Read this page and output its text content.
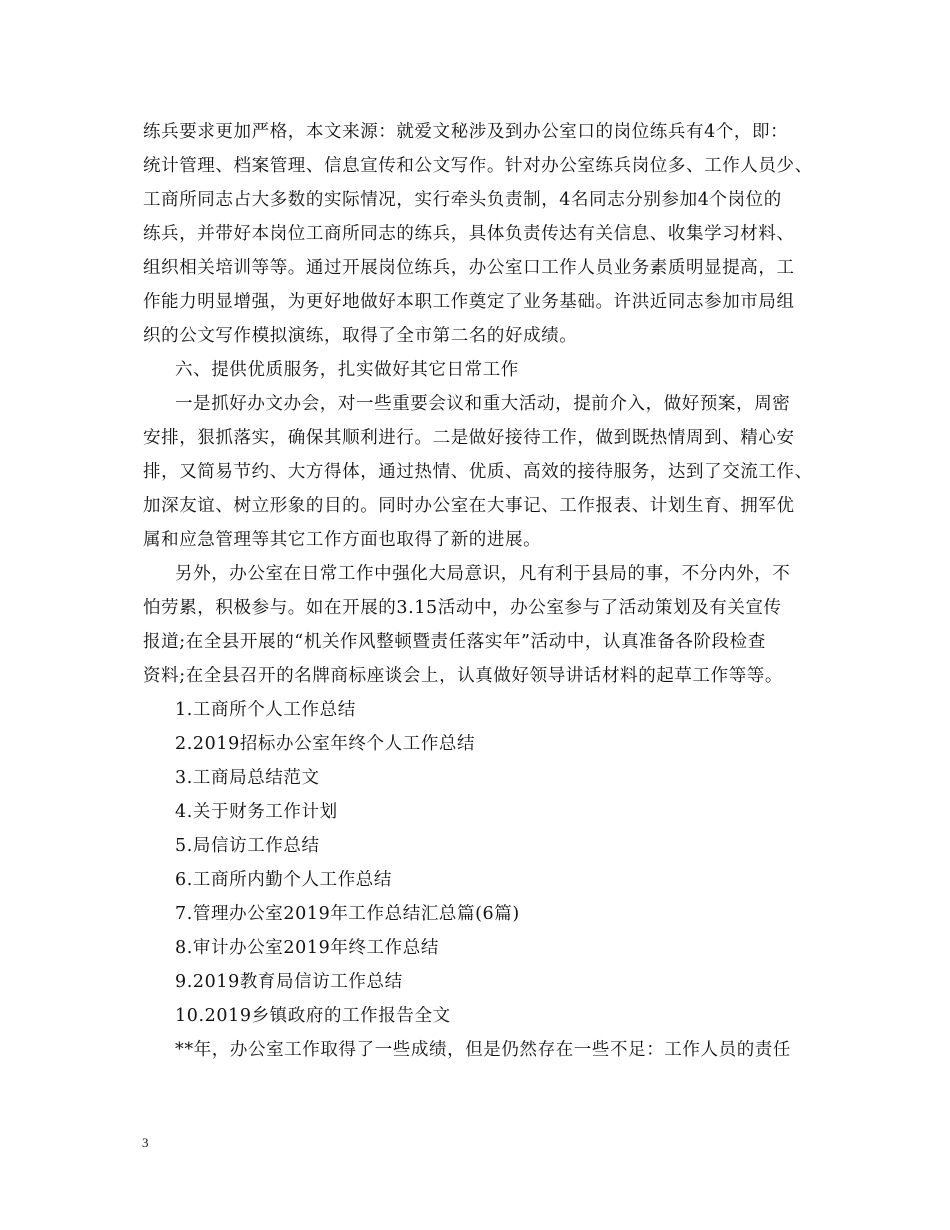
练兵要求更加严格，本文来源：就爱文秘涉及到办公室口的岗位练兵有4个，即：
统计管理、档案管理、信息宣传和公文写作。针对办公室练兵岗位多、工作人员少、
工商所同志占大多数的实际情况，实行牵头负责制，4名同志分别参加4个岗位的
练兵，并带好本岗位工商所同志的练兵，具体负责传达有关信息、收集学习材料、
组织相关培训等等。通过开展岗位练兵，办公室口工作人员业务素质明显提高，工
作能力明显增强，为更好地做好本职工作奠定了业务基础。许洪近同志参加市局组
织的公文写作模拟演练，取得了全市第二名的好成绩。
六、提供优质服务，扎实做好其它日常工作
一是抓好办文办会，对一些重要会议和重大活动，提前介入，做好预案，周密
安排，狠抓落实，确保其顺利进行。二是做好接待工作，做到既热情周到、精心安
排，又简易节约、大方得体，通过热情、优质、高效的接待服务，达到了交流工作、
加深友谊、树立形象的目的。同时办公室在大事记、工作报表、计划生育、拥军优
属和应急管理等其它工作方面也取得了新的进展。
另外，办公室在日常工作中强化大局意识，凡有利于县局的事，不分内外，不
怕劳累，积极参与。如在开展的3.15活动中，办公室参与了活动策划及有关宣传
报道;在全县开展的“机关作风整顿暨责任落实年”活动中，认真准备各阶段检查
资料;在全县召开的名牌商标座谈会上，认真做好领导讲话材料的起草工作等等。
1.工商所个人工作总结
2.2019招标办公室年终个人工作总结
3.工商局总结范文
4.关于财务工作计划
5.局信访工作总结
6.工商所内勤个人工作总结
7.管理办公室2019年工作总结汇总篇(6篇)
8.审计办公室2019年终工作总结
9.2019教育局信访工作总结
10.2019乡镇政府的工作报告全文
**年，办公室工作取得了一些成绩，但是仍然存在一些不足：工作人员的责任
3
